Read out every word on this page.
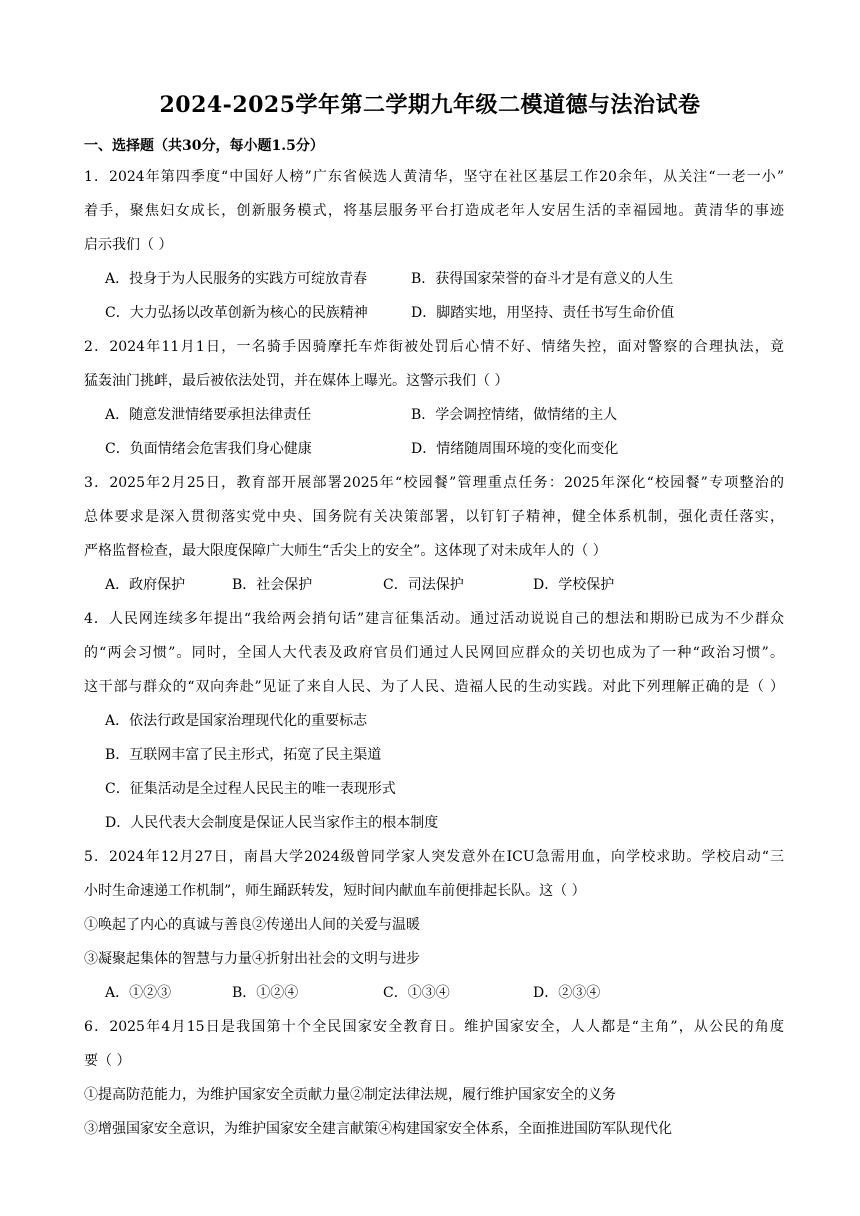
2024-2025学年第二学期九年级二模道德与法治试卷
一、选择题（共30分，每小题1.5分）
1．2024年第四季度“中国好人榜”广东省候选人黄清华，坚守在社区基层工作20余年，从关注“一老一小”
着手，聚焦妇女成长，创新服务模式，将基层服务平台打造成老年人安居生活的幸福园地。黄清华的事迹
启示我们（ ）
A．投身于为人民服务的实践方可绽放青春	B．获得国家荣誉的奋斗才是有意义的人生
C．大力弘扬以改革创新为核心的民族精神	D．脚踏实地，用坚持、责任书写生命价值
2．2024年11月1日，一名骑手因骑摩托车炸街被处罚后心情不好、情绪失控，面对警察的合理执法，竟
猛轰油门挑衅，最后被依法处罚，并在媒体上曝光。这警示我们（ ）
A．随意发泄情绪要承担法律责任	B．学会调控情绪，做情绪的主人
C．负面情绪会危害我们身心健康	D．情绪随周围环境的变化而变化
3．2025年2月25日，教育部开展部署2025年“校园餐”管理重点任务：2025年深化“校园餐”专项整治的
总体要求是深入贯彻落实党中央、国务院有关决策部署，以钉钉子精神，健全体系机制，强化责任落实，
严格监督检查，最大限度保障广大师生“舌尖上的安全”。这体现了对未成年人的（ ）
A．政府保护	B．社会保护	C．司法保护	D．学校保护
4．人民网连续多年提出“我给两会捎句话”建言征集活动。通过活动说说自己的想法和期盼已成为不少群众
的“两会习惯”。同时，全国人大代表及政府官员们通过人民网回应群众的关切也成为了一种“政治习惯”。
这干部与群众的“双向奔赴”见证了来自人民、为了人民、造福人民的生动实践。对此下列理解正确的是（ ）
A．依法行政是国家治理现代化的重要标志
B．互联网丰富了民主形式，拓宽了民主渠道
C．征集活动是全过程人民民主的唯一表现形式
D．人民代表大会制度是保证人民当家作主的根本制度
5．2024年12月27日，南昌大学2024级曾同学家人突发意外在ICU急需用血，向学校求助。学校启动“三
小时生命速递工作机制”，师生踊跃转发，短时间内献血车前便排起长队。这（ ）
①唤起了内心的真诚与善良②传递出人间的关爱与温暖
③凝聚起集体的智慧与力量④折射出社会的文明与进步
A．①②③	B．①②④	C．①③④	D．②③④
6．2025年4月15日是我国第十个全民国家安全教育日。维护国家安全，人人都是“主角”，从公民的角度
要（ ）
①提高防范能力，为维护国家安全贡献力量②制定法律法规，履行维护国家安全的义务
③增强国家安全意识，为维护国家安全建言献策④构建国家安全体系，全面推进国防军队现代化
